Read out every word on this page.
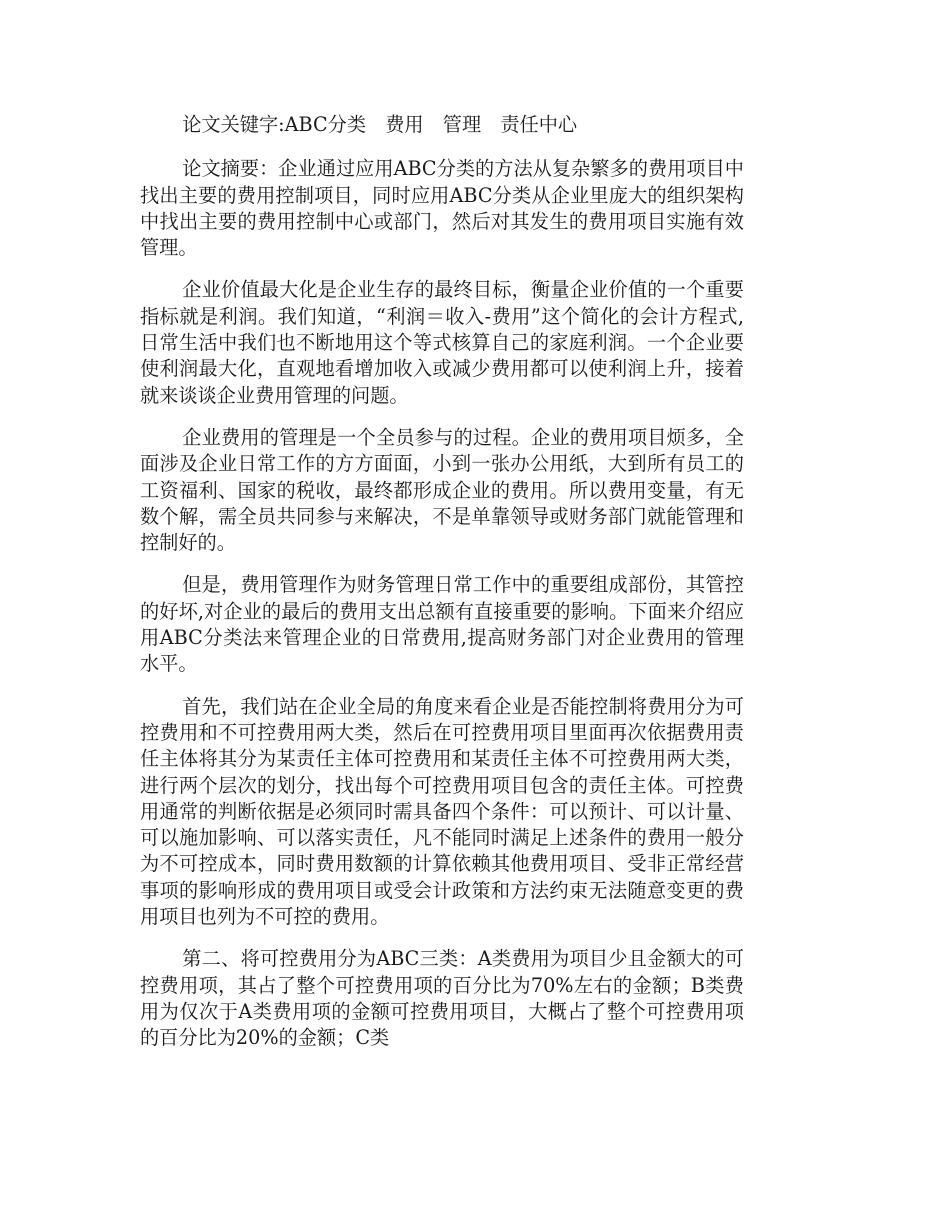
论文关键字:ABC分类　费用　管理　责任中心

论文摘要：企业通过应用ABC分类的方法从复杂繁多的费用项目中找出主要的费用控制项目，同时应用ABC分类从企业里庞大的组织架构中找出主要的费用控制中心或部门，然后对其发生的费用项目实施有效管理。

企业价值最大化是企业生存的最终目标，衡量企业价值的一个重要指标就是利润。我们知道，“利润＝收入-费用”这个简化的会计方程式,日常生活中我们也不断地用这个等式核算自己的家庭利润。一个企业要使利润最大化，直观地看增加收入或减少费用都可以使利润上升，接着就来谈谈企业费用管理的问题。

企业费用的管理是一个全员参与的过程。企业的费用项目烦多，全面涉及企业日常工作的方方面面，小到一张办公用纸，大到所有员工的工资福利、国家的税收，最终都形成企业的费用。所以费用变量，有无数个解，需全员共同参与来解决，不是单靠领导或财务部门就能管理和控制好的。

但是，费用管理作为财务管理日常工作中的重要组成部份，其管控的好坏,对企业的最后的费用支出总额有直接重要的影响。下面来介绍应用ABC分类法来管理企业的日常费用,提高财务部门对企业费用的管理水平。

首先，我们站在企业全局的角度来看企业是否能控制将费用分为可控费用和不可控费用两大类，然后在可控费用项目里面再次依据费用责任主体将其分为某责任主体可控费用和某责任主体不可控费用两大类，进行两个层次的划分，找出每个可控费用项目包含的责任主体。可控费用通常的判断依据是必须同时需具备四个条件：可以预计、可以计量、可以施加影响、可以落实责任，凡不能同时满足上述条件的费用一般分为不可控成本，同时费用数额的计算依赖其他费用项目、受非正常经营事项的影响形成的费用项目或受会计政策和方法约束无法随意变更的费用项目也列为不可控的费用。

第二、将可控费用分为ABC三类：A类费用为项目少且金额大的可控费用项，其占了整个可控费用项的百分比为70%左右的金额；B类费用为仅次于A类费用项的金额可控费用项目，大概占了整个可控费用项的百分比为20%的金额；C类
